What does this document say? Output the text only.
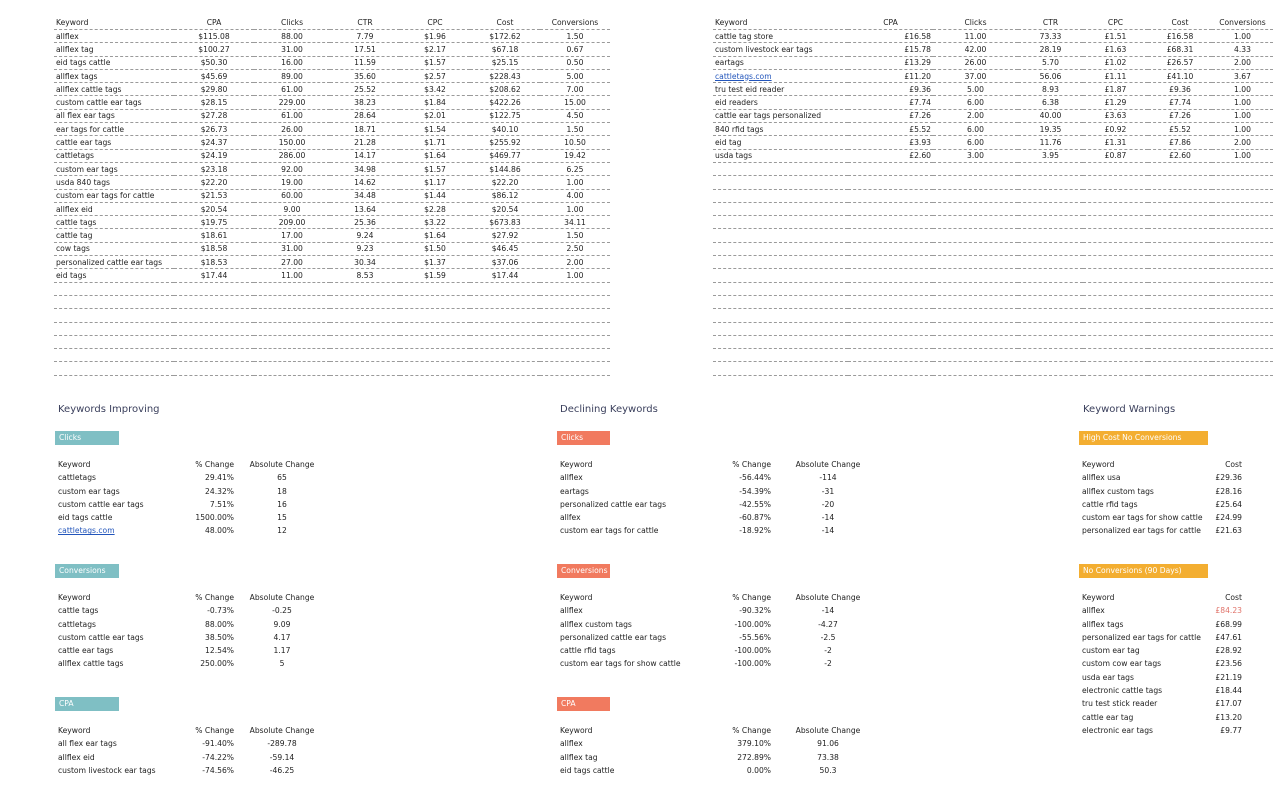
Keyword	CPA	Clicks	CTR	CPC	Cost	Conversions
allflex	$115.08	88.00	7.79	$1.96	$172.62	1.50
allflex tag	$100.27	31.00	17.51	$2.17	$67.18	0.67
eid tags cattle	$50.30	16.00	11.59	$1.57	$25.15	0.50
allflex tags	$45.69	89.00	35.60	$2.57	$228.43	5.00
allflex cattle tags	$29.80	61.00	25.52	$3.42	$208.62	7.00
custom cattle ear tags	$28.15	229.00	38.23	$1.84	$422.26	15.00
all flex ear tags	$27.28	61.00	28.64	$2.01	$122.75	4.50
ear tags for cattle	$26.73	26.00	18.71	$1.54	$40.10	1.50
cattle ear tags	$24.37	150.00	21.28	$1.71	$255.92	10.50
cattletags	$24.19	286.00	14.17	$1.64	$469.77	19.42
custom ear tags	$23.18	92.00	34.98	$1.57	$144.86	6.25
usda 840 tags	$22.20	19.00	14.62	$1.17	$22.20	1.00
custom ear tags for cattle	$21.53	60.00	34.48	$1.44	$86.12	4.00
allflex eid	$20.54	9.00	13.64	$2.28	$20.54	1.00
cattle tags	$19.75	209.00	25.36	$3.22	$673.83	34.11
cattle tag	$18.61	17.00	9.24	$1.64	$27.92	1.50
cow tags	$18.58	31.00	9.23	$1.50	$46.45	2.50
personalized cattle ear tags	$18.53	27.00	30.34	$1.37	$37.06	2.00
eid tags	$17.44	11.00	8.53	$1.59	$17.44	1.00

Keyword	CPA	Clicks	CTR	CPC	Cost	Conversions
cattle tag store	£16.58	11.00	73.33	£1.51	£16.58	1.00
custom livestock ear tags	£15.78	42.00	28.19	£1.63	£68.31	4.33
eartags	£13.29	26.00	5.70	£1.02	£26.57	2.00
cattletags.com	£11.20	37.00	56.06	£1.11	£41.10	3.67
tru test eid reader	£9.36	5.00	8.93	£1.87	£9.36	1.00
eid readers	£7.74	6.00	6.38	£1.29	£7.74	1.00
cattle ear tags personalized	£7.26	2.00	40.00	£3.63	£7.26	1.00
840 rfid tags	£5.52	6.00	19.35	£0.92	£5.52	1.00
eid tag	£3.93	6.00	11.76	£1.31	£7.86	2.00
usda tags	£2.60	3.00	3.95	£0.87	£2.60	1.00

Keywords Improving	Declining Keywords	Keyword Warnings
Clicks
Conversions
CPA
Clicks
Conversions
CPA
High Cost No Conversions
No Conversions (90 Days)
Keyword	% Change Absolute Change
cattletags	29.41%	65
custom ear tags	24.32%	18
custom cattle ear tags	7.51%	16
eid tags cattle	1500.00%	15
cattletags.com	48.00%	12
Keyword	% Change Absolute Change
cattle tags	-0.73%	-0.25
cattletags	88.00%	9.09
custom cattle ear tags	38.50%	4.17
cattle ear tags	12.54%	1.17
allflex cattle tags	250.00%	5
Keyword	% Change Absolute Change
all flex ear tags	-91.40%	-289.78
allflex eid	-74.22%	-59.14
custom livestock ear tags	-74.56%	-46.25
Keyword	% Change	Absolute Change
allflex	-56.44%	-114
eartags	-54.39%	-31
personalized cattle ear tags	-42.55%	-20
allfex	-60.87%	-14
custom ear tags for cattle	-18.92%	-14
Keyword	% Change	Absolute Change
allflex	-90.32%	-14
allflex custom tags	-100.00%	-4.27
personalized cattle ear tags	-55.56%	-2.5
cattle rfid tags	-100.00%	-2
custom ear tags for show cattle	-100.00%	-2
Keyword	% Change	Absolute Change
allflex	379.10%	91.06
allflex tag	272.89%	73.38
eid tags cattle	0.00%	50.3
Keyword	Cost
allflex usa	£29.36
allflex custom tags	£28.16
cattle rfid tags	£25.64
custom ear tags for show cattle	£24.99
personalized ear tags for cattle	£21.63
Keyword	Cost
allflex	£84.23
allflex tags	£68.99
personalized ear tags for cattle	£47.61
custom ear tag	£28.92
custom cow ear tags	£23.56
usda ear tags	£21.19
electronic cattle tags	£18.44
tru test stick reader	£17.07
cattle ear tag	£13.20
electronic ear tags	£9.77
